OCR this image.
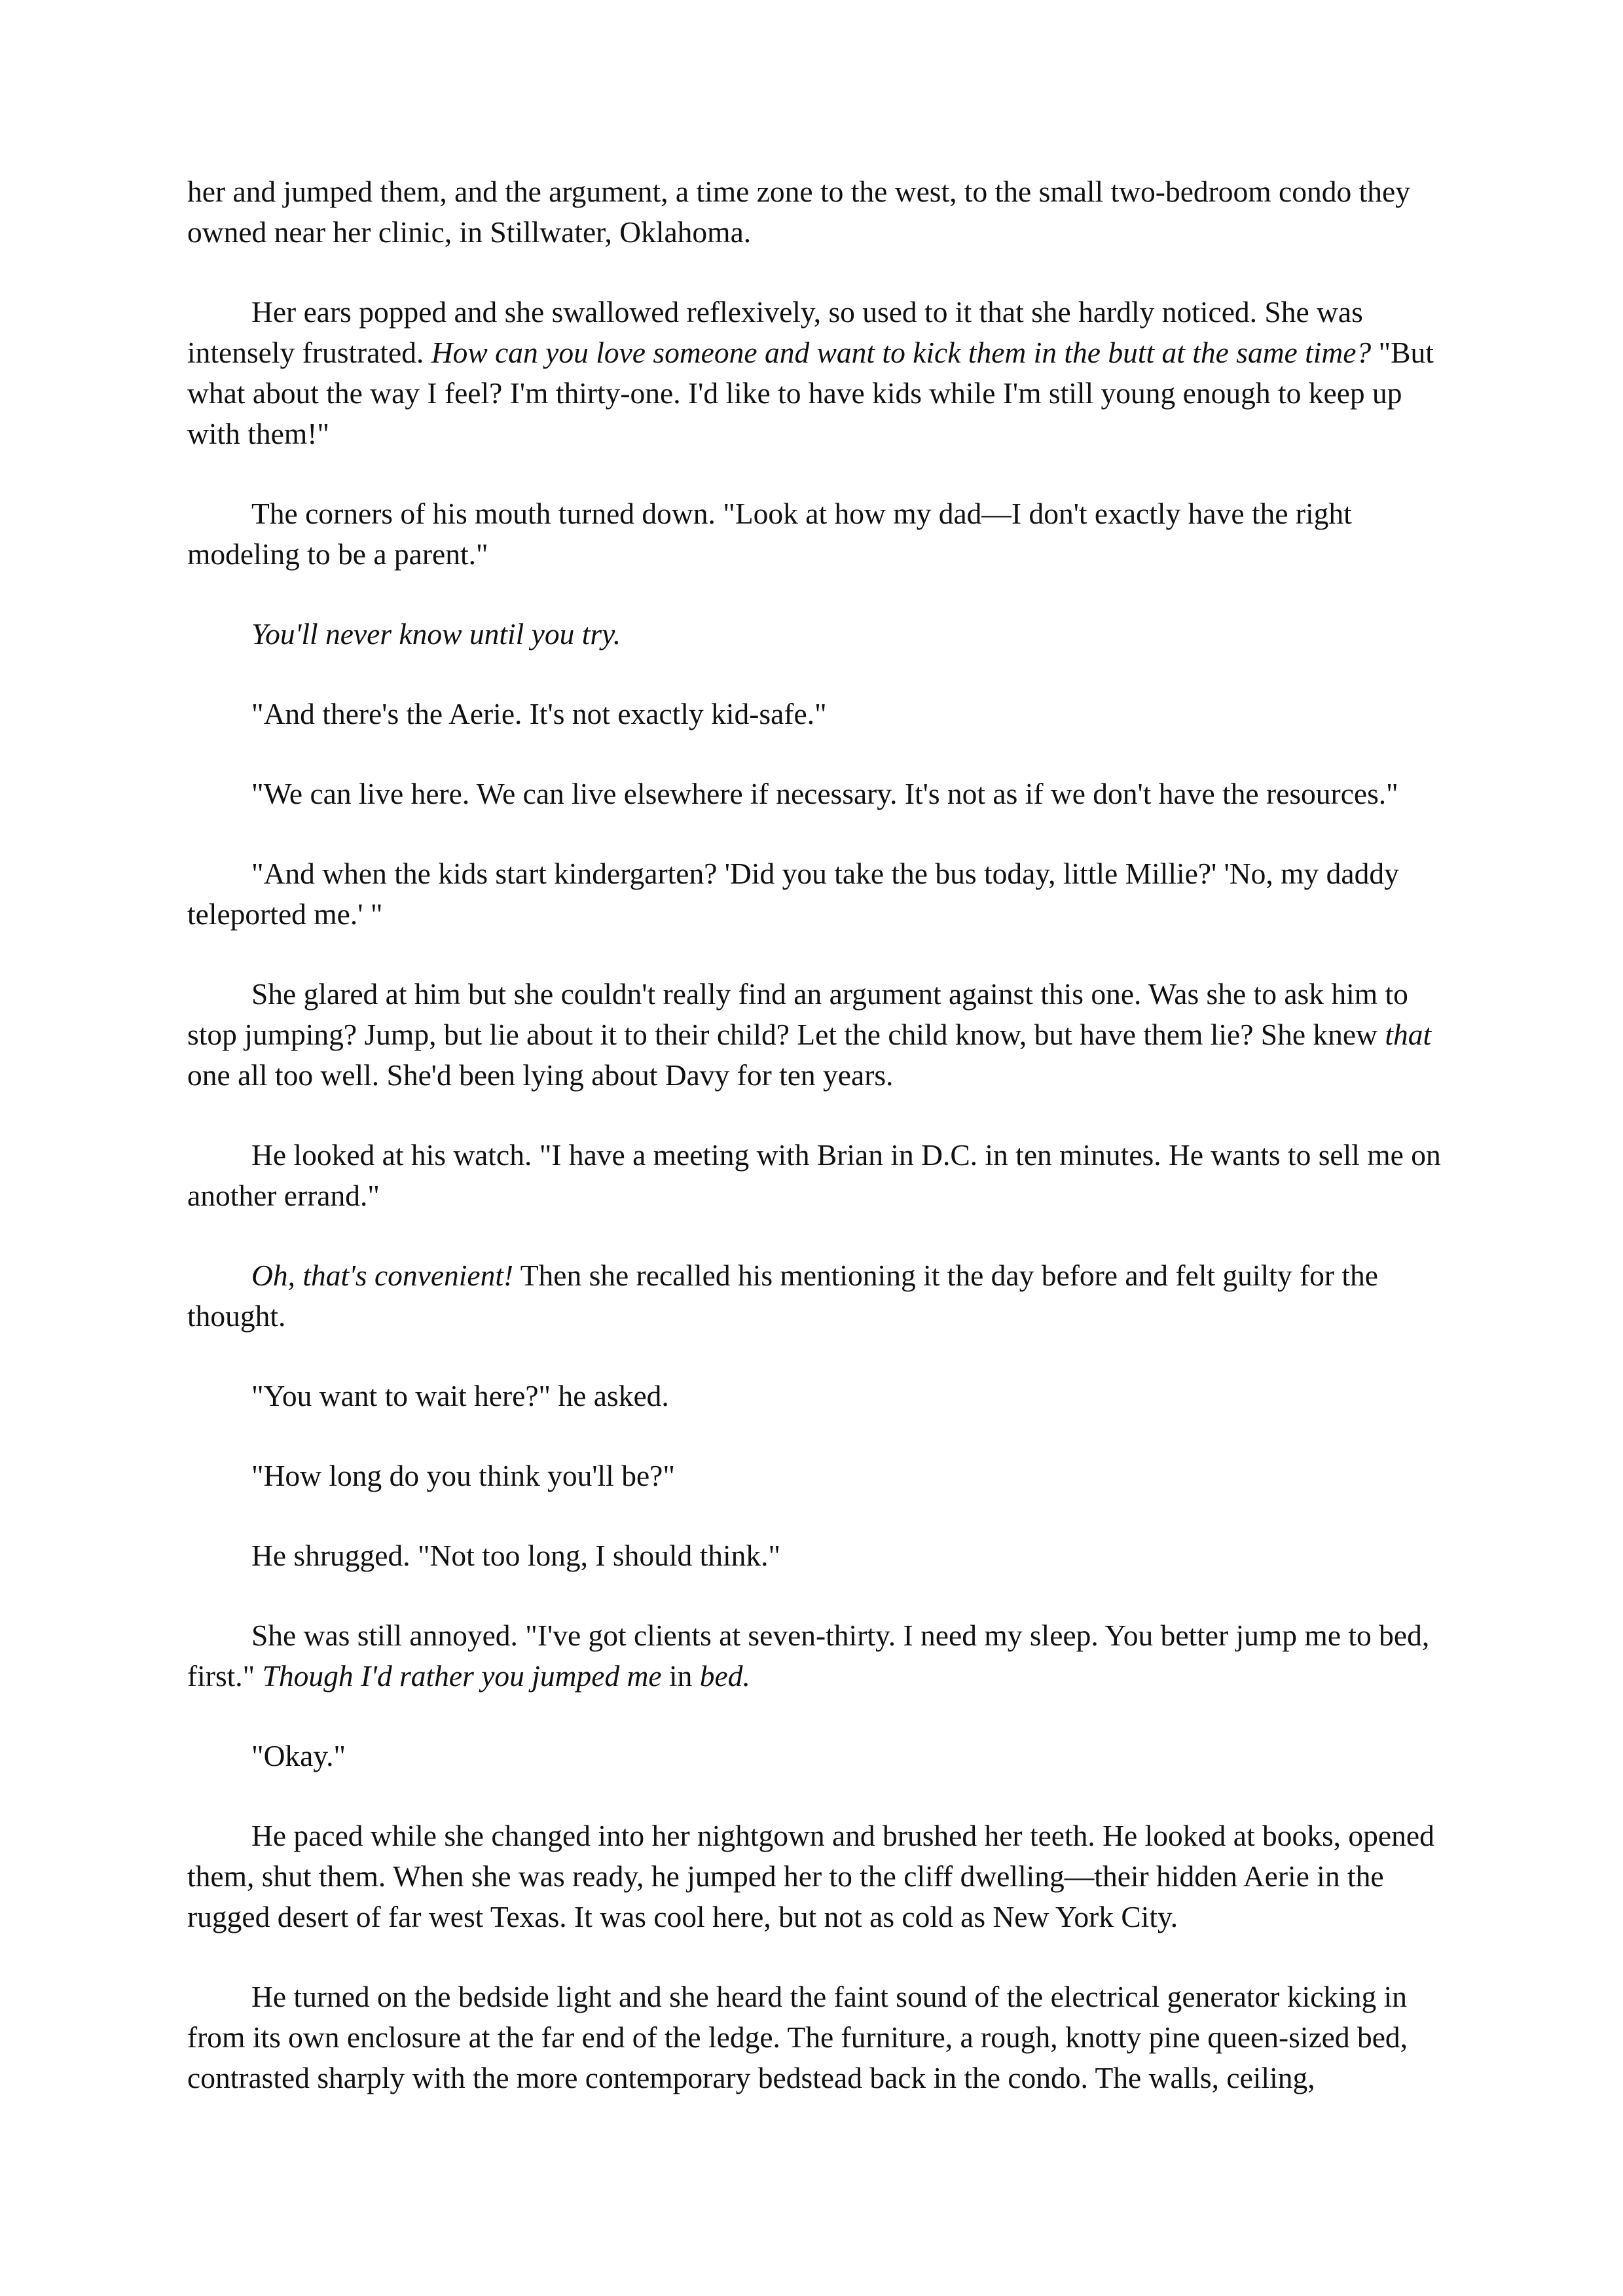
her and jumped them, and the argument, a time zone to the west, to the small two-bedroom condo they owned near her clinic, in Stillwater, Oklahoma.

Her ears popped and she swallowed reflexively, so used to it that she hardly noticed. She was intensely frustrated. How can you love someone and want to kick them in the butt at the same time? "But what about the way I feel? I'm thirty-one. I'd like to have kids while I'm still young enough to keep up with them!"

The corners of his mouth turned down. "Look at how my dad—I don't exactly have the right modeling to be a parent."

You'll never know until you try.

"And there's the Aerie. It's not exactly kid-safe."

"We can live here. We can live elsewhere if necessary. It's not as if we don't have the resources."

"And when the kids start kindergarten? 'Did you take the bus today, little Millie?' 'No, my daddy teleported me.' "

She glared at him but she couldn't really find an argument against this one. Was she to ask him to stop jumping? Jump, but lie about it to their child? Let the child know, but have them lie? She knew that one all too well. She'd been lying about Davy for ten years.

He looked at his watch. "I have a meeting with Brian in D.C. in ten minutes. He wants to sell me on another errand."

Oh, that's convenient! Then she recalled his mentioning it the day before and felt guilty for the thought.

"You want to wait here?" he asked.

"How long do you think you'll be?"

He shrugged. "Not too long, I should think."

She was still annoyed. "I've got clients at seven-thirty. I need my sleep. You better jump me to bed, first." Though I'd rather you jumped me in bed.

"Okay."

He paced while she changed into her nightgown and brushed her teeth. He looked at books, opened them, shut them. When she was ready, he jumped her to the cliff dwelling—their hidden Aerie in the rugged desert of far west Texas. It was cool here, but not as cold as New York City.

He turned on the bedside light and she heard the faint sound of the electrical generator kicking in from its own enclosure at the far end of the ledge. The furniture, a rough, knotty pine queen-sized bed, contrasted sharply with the more contemporary bedstead back in the condo. The walls, ceiling,
